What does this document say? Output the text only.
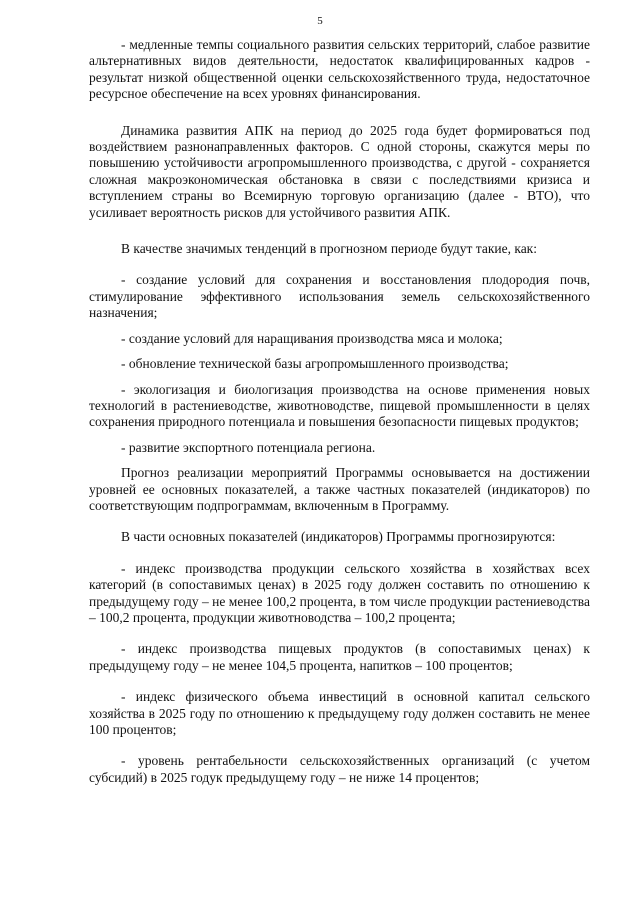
5

- медленные темпы социального развития сельских территорий, слабое развитие альтернативных видов деятельности, недостаток квалифицированных кадров - результат низкой общественной оценки сельскохозяйственного труда, недостаточное ресурсное обеспечение на всех уровнях финансирования.

Динамика развития АПК на период до 2025 года будет формироваться под воздействием разнонаправленных факторов. С одной стороны, скажутся меры по повышению устойчивости агропромышленного производства, с другой - сохраняется сложная макроэкономическая обстановка в связи с последствиями кризиса и вступлением страны во Всемирную торговую организацию (далее - ВТО), что усиливает вероятность рисков для устойчивого развития АПК.

В качестве значимых тенденций в прогнозном периоде будут такие, как:

- создание условий для сохранения и восстановления плодородия почв, стимулирование эффективного использования земель сельскохозяйственного назначения;

- создание условий для наращивания производства мяса и молока;

- обновление технической базы агропромышленного производства;

- экологизация и биологизация производства на основе применения новых технологий в растениеводстве, животноводстве, пищевой промышленности в целях сохранения природного потенциала и повышения безопасности пищевых продуктов;

- развитие экспортного потенциала региона.

Прогноз реализации мероприятий Программы основывается на достижении уровней ее основных показателей, а также частных показателей (индикаторов) по соответствующим подпрограммам, включенным в Программу.

В части основных показателей (индикаторов) Программы прогнозируются:

- индекс производства продукции сельского хозяйства в хозяйствах всех категорий (в сопоставимых ценах) в 2025 году должен составить по отношению к предыдущему году – не менее 100,2 процента, в том числе продукции растениеводства – 100,2 процента, продукции животноводства – 100,2 процента;

- индекс производства пищевых продуктов (в сопоставимых ценах) к предыдущему году – не менее 104,5 процента, напитков – 100 процентов;

- индекс физического объема инвестиций в основной капитал сельского хозяйства в 2025 году по отношению к предыдущему году должен составить не менее 100 процентов;

- уровень рентабельности сельскохозяйственных организаций (с учетом субсидий) в 2025 годук предыдущему году – не ниже 14 процентов;
